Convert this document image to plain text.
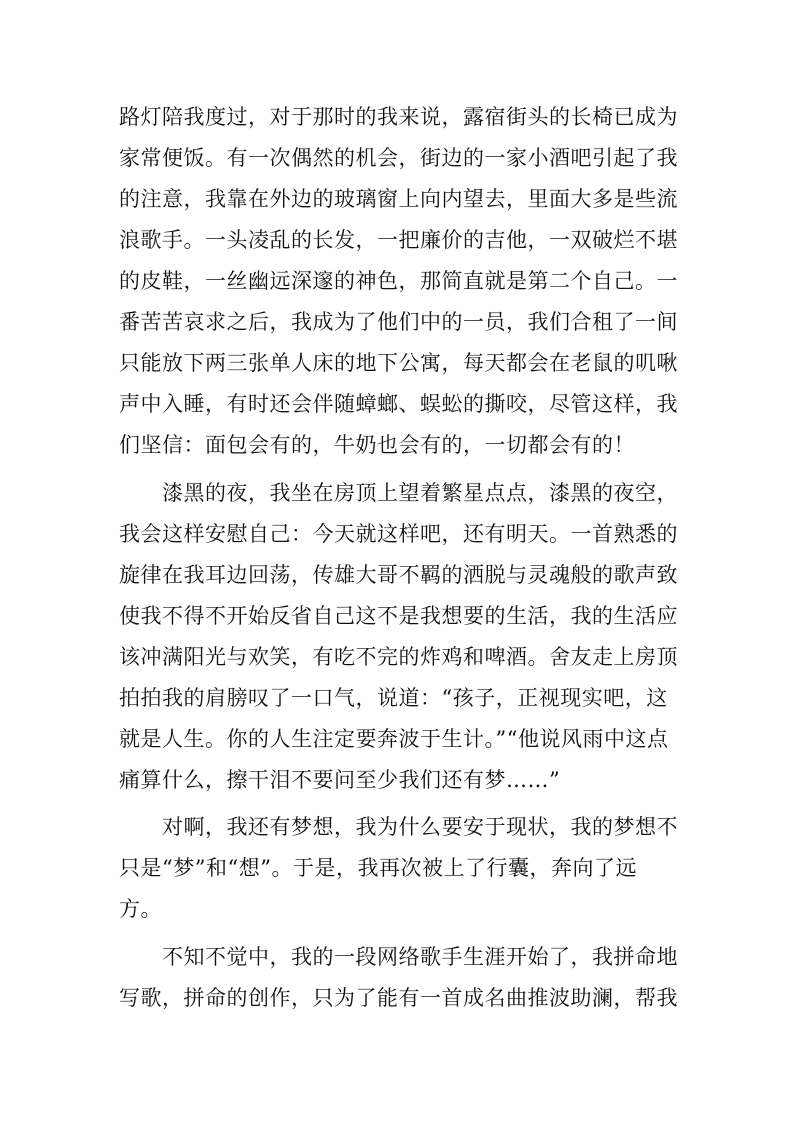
路灯陪我度过，对于那时的我来说，露宿街头的长椅已成为
家常便饭。有一次偶然的机会，街边的一家小酒吧引起了我
的注意，我靠在外边的玻璃窗上向内望去，里面大多是些流
浪歌手。一头凌乱的长发，一把廉价的吉他，一双破烂不堪
的皮鞋，一丝幽远深邃的神色，那简直就是第二个自己。一
番苦苦哀求之后，我成为了他们中的一员，我们合租了一间
只能放下两三张单人床的地下公寓，每天都会在老鼠的叽啾
声中入睡，有时还会伴随蟑螂、蜈蚣的撕咬，尽管这样，我
们坚信：面包会有的，牛奶也会有的，一切都会有的！
漆黑的夜，我坐在房顶上望着繁星点点，漆黑的夜空，
我会这样安慰自己：今天就这样吧，还有明天。一首熟悉的
旋律在我耳边回荡，传雄大哥不羁的洒脱与灵魂般的歌声致
使我不得不开始反省自己这不是我想要的生活，我的生活应
该冲满阳光与欢笑，有吃不完的炸鸡和啤酒。舍友走上房顶
拍拍我的肩膀叹了一口气，说道：“孩子，正视现实吧，这
就是人生。你的人生注定要奔波于生计。”“他说风雨中这点
痛算什么，擦干泪不要问至少我们还有梦……”
对啊，我还有梦想，我为什么要安于现状，我的梦想不
只是“梦”和“想”。于是，我再次被上了行囊，奔向了远
方。
不知不觉中，我的一段网络歌手生涯开始了，我拼命地
写歌，拼命的创作，只为了能有一首成名曲推波助澜，帮我
